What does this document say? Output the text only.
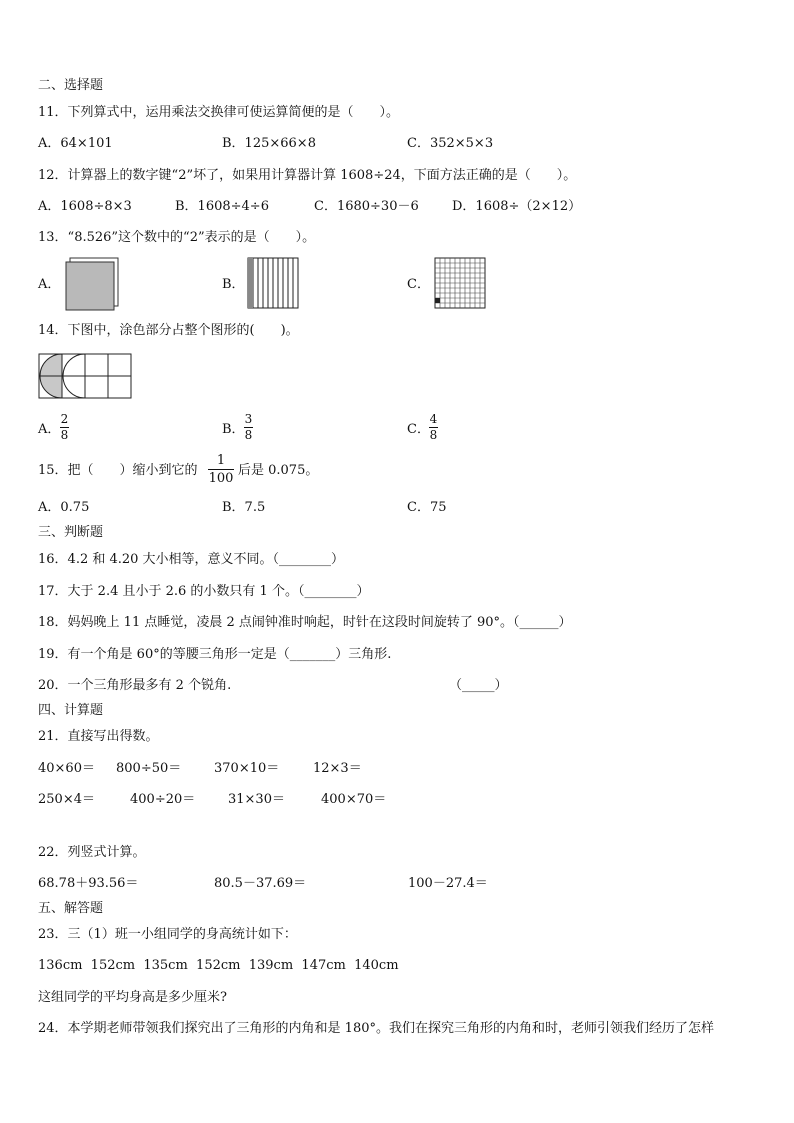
二、选择题
11．下列算式中，运用乘法交换律可使运算简便的是（　　）。
A．64×101	B．125×66×8	C．352×5×3
12．计算器上的数字键“2”坏了，如果用计算器计算 1608÷24，下面方法正确的是（　　）。
A．1608÷8×3	B．1608÷4÷6	C．1680÷30－6	D．1608÷（2×12）
13．“8.526”这个数中的“2”表示的是（　　）。
A．	B．	C．
14．下图中，涂色部分占整个图形的(　　)。
A．
2
8	B．
3
8	C．
4
8
15．把（　　）缩小到它的
1
100
后是 0.075。
A．0.75	B．7.5	C．75
三、判断题
16．4.2 和 4.20 大小相等，意义不同。（________）
17．大于 2.4 且小于 2.6 的小数只有 1 个。（________）
18．妈妈晚上 11 点睡觉，凌晨 2 点闹钟准时响起，时针在这段时间旋转了 90°。（______）
19．有一个角是 60°的等腰三角形一定是（_______）三角形.
20．一个三角形最多有 2 个锐角.	（_____）
四、计算题
21．直接写出得数。
40×60＝ 800÷50＝	370×10＝	12×3＝
250×4＝	400÷20＝	31×30＝	400×70＝
22．列竖式计算。
68.78＋93.56＝	80.5－37.69＝	100－27.4＝
五、解答题
23．三（1）班一小组同学的身高统计如下：
136cm  152cm  135cm  152cm  139cm  147cm  140cm
这组同学的平均身高是多少厘米?
24．本学期老师带领我们探究出了三角形的内角和是 180°。我们在探究三角形的内角和时，老师引领我们经历了怎样
